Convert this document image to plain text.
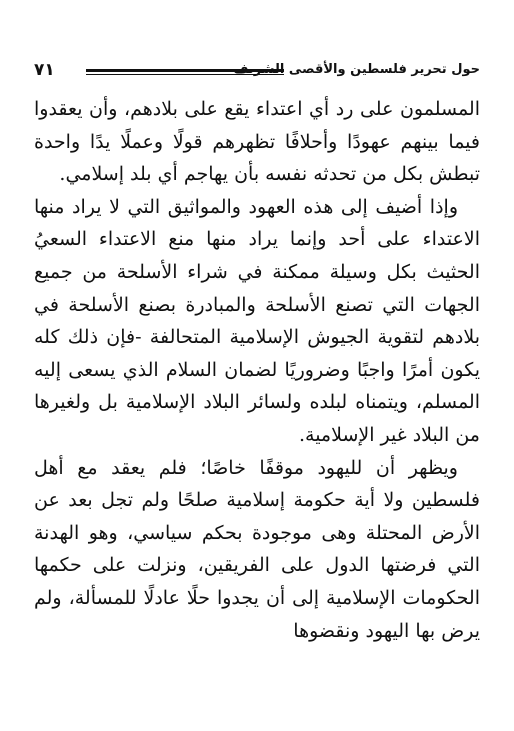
حول تحرير فلسطين والأقصى الشريف
٧١

المسلمون على رد أي اعتداء يقع على بلادهم، وأن يعقدوا فيما بينهم عهودًا وأحلافًا تظهرهم قولًا وعملًا يدًا واحدة تبطش بكل من تحدثه نفسه بأن يهاجم أي بلد إسلامي.

وإذا أضيف إلى هذه العهود والمواثيق التي لا يراد منها الاعتداء على أحد وإنما يراد منها منع الاعتداء السعيُ الحثيث بكل وسيلة ممكنة في شراء الأسلحة من جميع الجهات التي تصنع الأسلحة والمبادرة بصنع الأسلحة في بلادهم لتقوية الجيوش الإسلامية المتحالفة -فإن ذلك كله يكون أمرًا واجبًا وضروريًا لضمان السلام الذي يسعى إليه المسلم، ويتمناه لبلده ولسائر البلاد الإسلامية بل ولغيرها من البلاد غير الإسلامية.

ويظهر أن لليهود موقفًا خاصًا؛ فلم يعقد مع أهل فلسطين ولا أية حكومة إسلامية صلحًا ولم تجل بعد عن الأرض المحتلة وهى موجودة بحكم سياسي، وهو الهدنة التي فرضتها الدول على الفريقين، ونزلت على حكمها الحكومات الإسلامية إلى أن يجدوا حلًا عادلًا للمسألة، ولم يرض بها اليهود ونقضوها
